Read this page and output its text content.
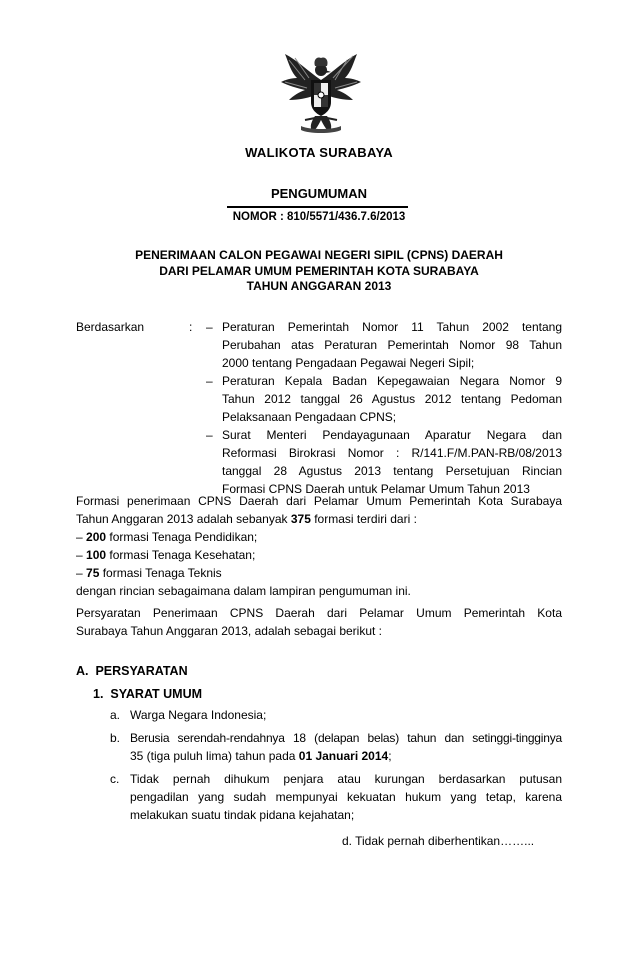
WALIKOTA SURABAYA
PENGUMUMAN
NOMOR : 810/5571/436.7.6/2013
PENERIMAAN CALON PEGAWAI NEGERI SIPIL (CPNS) DAERAH
DARI PELAMAR UMUM PEMERINTAH KOTA SURABAYA
TAHUN ANGGARAN 2013
Berdasarkan	: – Peraturan Pemerintah Nomor 11 Tahun 2002 tentang
Perubahan atas Peraturan Pemerintah Nomor 98 Tahun
2000 tentang Pengadaan Pegawai Negeri Sipil;
– Peraturan Kepala Badan Kepegawaian Negara Nomor 9
Tahun 2012 tanggal 26 Agustus 2012 tentang Pedoman
Pelaksanaan Pengadaan CPNS;
– Surat Menteri Pendayagunaan Aparatur Negara dan
Reformasi Birokrasi Nomor : R/141.F/M.PAN-RB/08/2013
tanggal 28 Agustus 2013 tentang Persetujuan Rincian
Formasi CPNS Daerah untuk Pelamar Umum Tahun 2013
Formasi penerimaan CPNS Daerah dari Pelamar Umum Pemerintah Kota Surabaya
Tahun Anggaran 2013 adalah sebanyak 375 formasi terdiri dari :
– 200 formasi Tenaga Pendidikan;
– 100 formasi Tenaga Kesehatan;
– 75 formasi Tenaga Teknis
dengan rincian sebagaimana dalam lampiran pengumuman ini.
Persyaratan Penerimaan CPNS Daerah dari Pelamar Umum Pemerintah Kota
Surabaya Tahun Anggaran 2013, adalah sebagai berikut :
A.  PERSYARATAN
1.  SYARAT UMUM
a. Warga Negara Indonesia;
b. Berusia serendah-rendahnya 18 (delapan belas) tahun dan setinggi-tingginya
35 (tiga puluh lima) tahun pada 01 Januari 2014;
c. Tidak pernah dihukum penjara atau kurungan berdasarkan putusan
pengadilan yang sudah mempunyai kekuatan hukum yang tetap, karena
melakukan suatu tindak pidana kejahatan;
d. Tidak pernah diberhentikan……...
